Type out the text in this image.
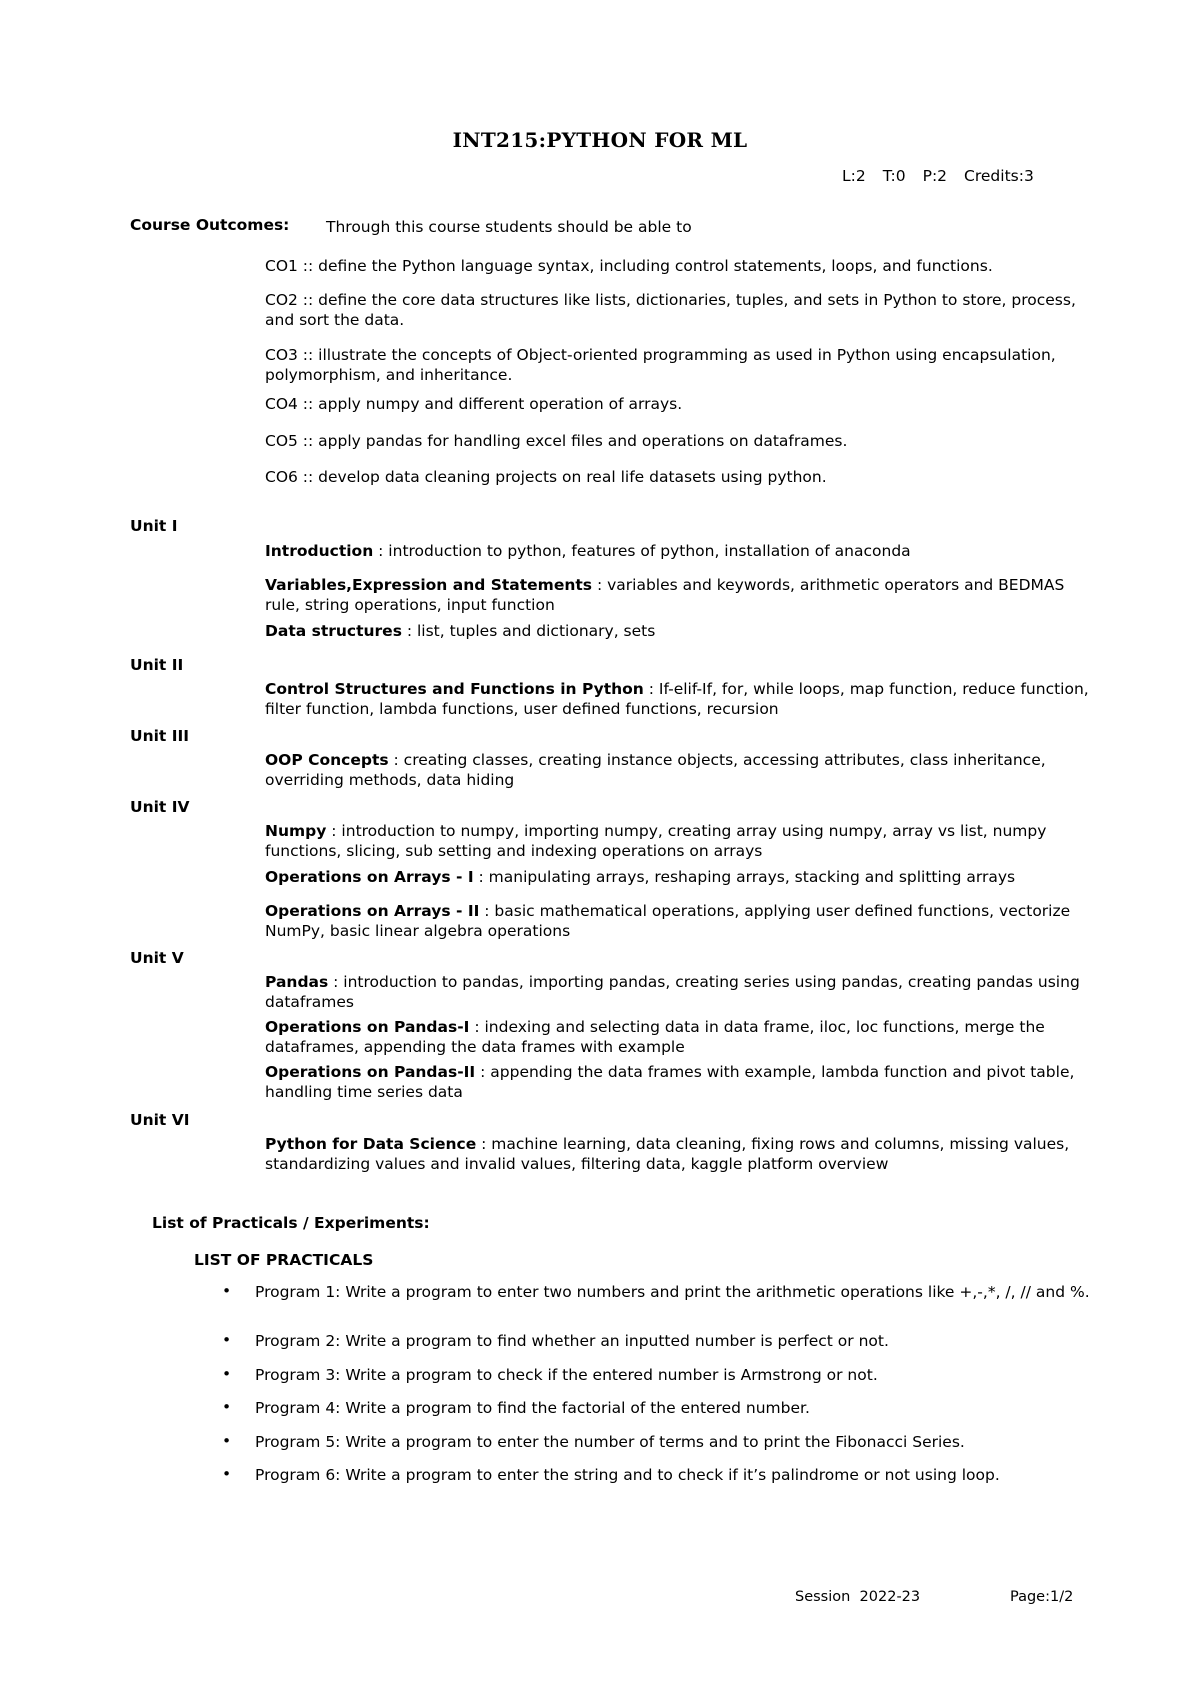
INT215:PYTHON FOR ML
L:2 T:0 P:2 Credits:3
Course Outcomes: Through this course students should be able to
CO1 :: define the Python language syntax, including control statements, loops, and functions.
CO2 :: define the core data structures like lists, dictionaries, tuples, and sets in Python to store, process, and sort the data.
CO3 :: illustrate the concepts of Object-oriented programming as used in Python using encapsulation, polymorphism, and inheritance.
CO4 :: apply numpy and different operation of arrays.
CO5 :: apply pandas for handling excel files and operations on dataframes.
CO6 :: develop data cleaning projects on real life datasets using python.
Unit I
Introduction : introduction to python, features of python, installation of anaconda
Variables,Expression and Statements : variables and keywords, arithmetic operators and BEDMAS rule, string operations, input function
Data structures : list, tuples and dictionary, sets
Unit II
Control Structures and Functions in Python : If-elif-If, for, while loops, map function, reduce function, filter function, lambda functions, user defined functions, recursion
Unit III
OOP Concepts : creating classes, creating instance objects, accessing attributes, class inheritance, overriding methods, data hiding
Unit IV
Numpy : introduction to numpy, importing numpy, creating array using numpy, array vs list, numpy functions, slicing, sub setting and indexing operations on arrays
Operations on Arrays - I : manipulating arrays, reshaping arrays, stacking and splitting arrays
Operations on Arrays - II : basic mathematical operations, applying user defined functions, vectorize NumPy, basic linear algebra operations
Unit V
Pandas : introduction to pandas, importing pandas, creating series using pandas, creating pandas using dataframes
Operations on Pandas-I : indexing and selecting data in data frame, iloc, loc functions, merge the dataframes, appending the data frames with example
Operations on Pandas-II : appending the data frames with example, lambda function and pivot table, handling time series data
Unit VI
Python for Data Science : machine learning, data cleaning, fixing rows and columns, missing values, standardizing values and invalid values, filtering data, kaggle platform overview
List of Practicals / Experiments:
LIST OF PRACTICALS
• Program 1: Write a program to enter two numbers and print the arithmetic operations like +,-,*, /, // and %.
• Program 2: Write a program to find whether an inputted number is perfect or not.
• Program 3: Write a program to check if the entered number is Armstrong or not.
• Program 4: Write a program to find the factorial of the entered number.
• Program 5: Write a program to enter the number of terms and to print the Fibonacci Series.
• Program 6: Write a program to enter the string and to check if it’s palindrome or not using loop.
Session  2022-23	Page:1/2
